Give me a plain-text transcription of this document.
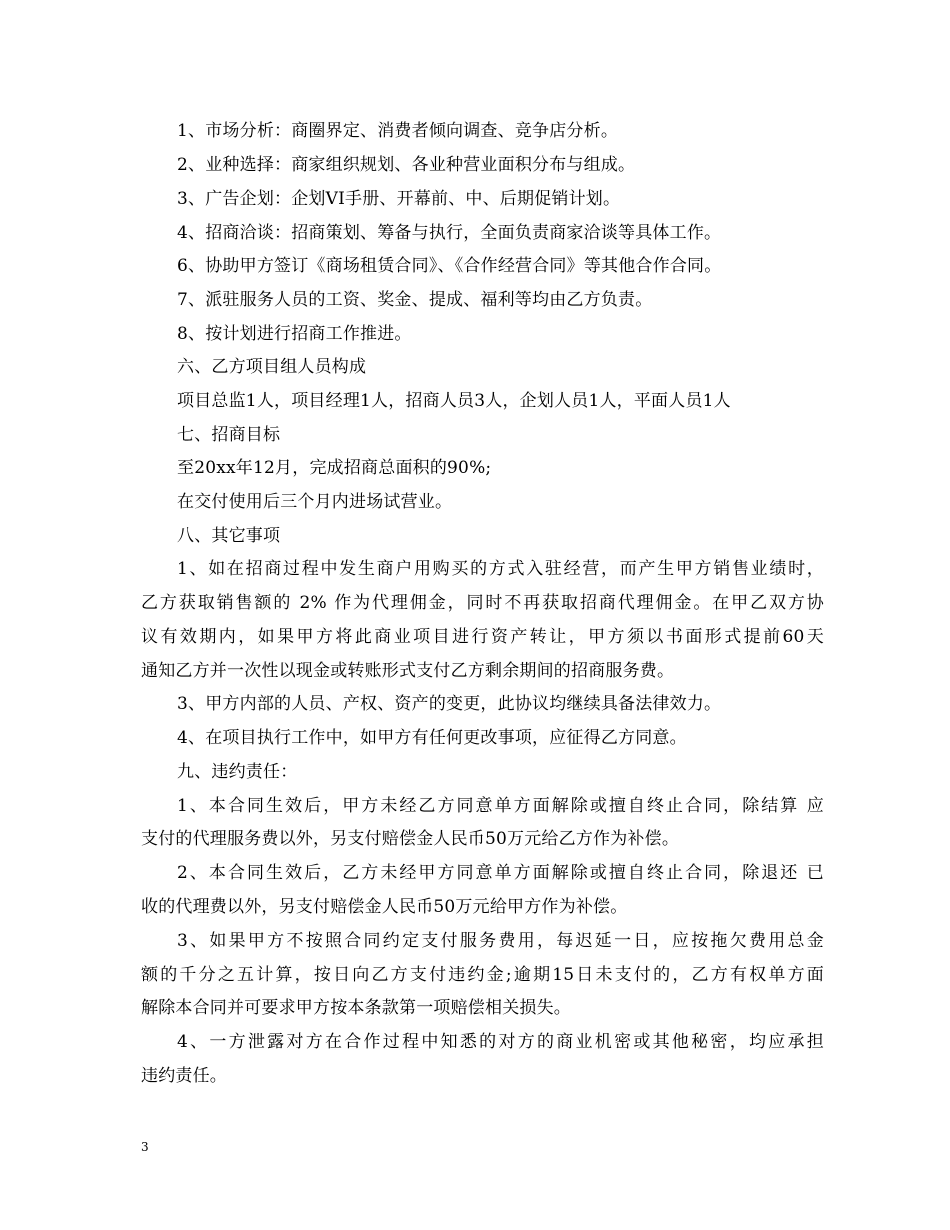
1、市场分析：商圈界定、消费者倾向调查、竞争店分析。
2、业种选择：商家组织规划、各业种营业面积分布与组成。
3、广告企划：企划VI手册、开幕前、中、后期促销计划。
4、招商洽谈：招商策划、筹备与执行，全面负责商家洽谈等具体工作。
6、协助甲方签订《商场租赁合同》、《合作经营合同》等其他合作合同。
7、派驻服务人员的工资、奖金、提成、福利等均由乙方负责。
8、按计划进行招商工作推进。
六、乙方项目组人员构成
项目总监1人，项目经理1人，招商人员3人，企划人员1人，平面人员1人
七、招商目标
至20xx年12月，完成招商总面积的90%;
在交付使用后三个月内进场试营业。
八、其它事项
1、如在招商过程中发生商户用购买的方式入驻经营，而产生甲方销售业绩时，
乙方获取销售额的 2% 作为代理佣金，同时不再获取招商代理佣金。在甲乙双方协
议有效期内，如果甲方将此商业项目进行资产转让，甲方须以书面形式提前60天
通知乙方并一次性以现金或转账形式支付乙方剩余期间的招商服务费。
3、甲方内部的人员、产权、资产的变更，此协议均继续具备法律效力。
4、在项目执行工作中，如甲方有任何更改事项，应征得乙方同意。
九、违约责任：
1、本合同生效后，甲方未经乙方同意单方面解除或擅自终止合同，除结算 应
支付的代理服务费以外，另支付赔偿金人民币50万元给乙方作为补偿。
2、本合同生效后，乙方未经甲方同意单方面解除或擅自终止合同，除退还 已
收的代理费以外，另支付赔偿金人民币50万元给甲方作为补偿。
3、如果甲方不按照合同约定支付服务费用，每迟延一日，应按拖欠费用总金
额的千分之五计算，按日向乙方支付违约金;逾期15日未支付的，乙方有权单方面
解除本合同并可要求甲方按本条款第一项赔偿相关损失。
4、一方泄露对方在合作过程中知悉的对方的商业机密或其他秘密，均应承担
违约责任。
3
